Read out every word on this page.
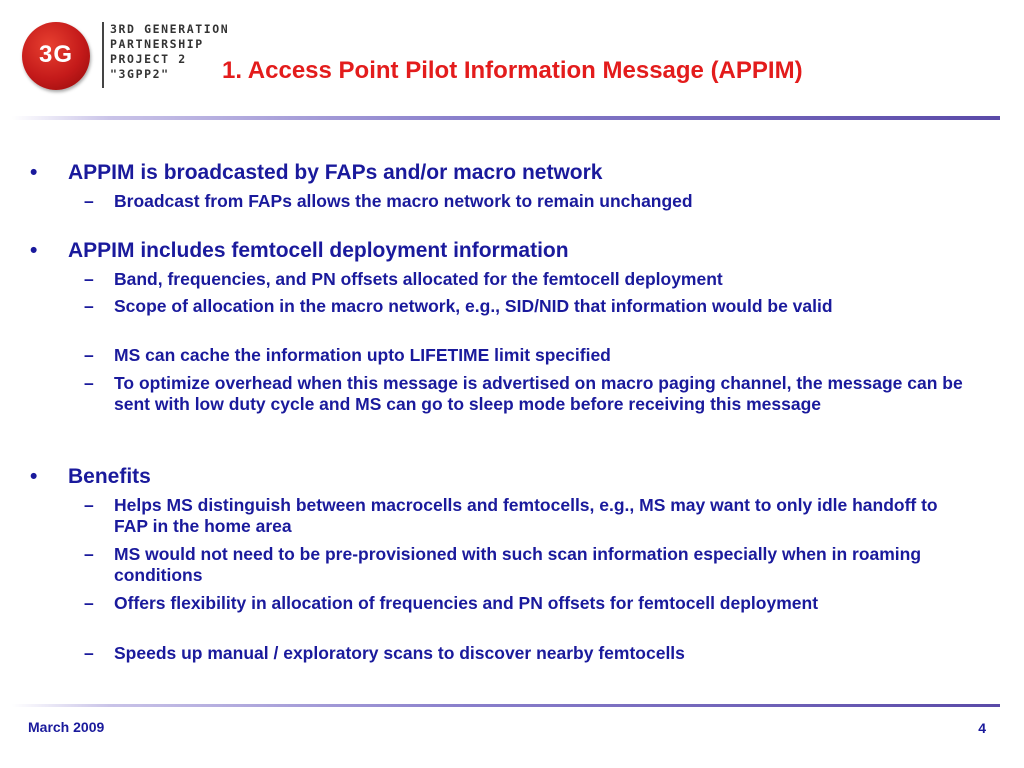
3G
3RD GENERATION
PARTNERSHIP
PROJECT 2
"3GPP2"	1. Access Point Pilot Information Message (APPIM)
• APPIM is broadcasted by FAPs and/or macro network
– Broadcast from FAPs allows the macro network to remain unchanged
• APPIM includes femtocell deployment information
– Band, frequencies, and PN offsets allocated for the femtocell deployment
– Scope of allocation in the macro network, e.g., SID/NID that information would be valid
– MS can cache the information upto LIFETIME limit specified
– To optimize overhead when this message is advertised on macro paging channel, the message can be sent with low duty cycle and MS can go to sleep mode before receiving this message
• Benefits
– Helps MS distinguish between macrocells and femtocells, e.g., MS may want to only idle handoff to FAP in the home area
– MS would not need to be pre-provisioned with such scan information especially when in roaming conditions
– Offers flexibility in allocation of frequencies and PN offsets for femtocell deployment
– Speeds up manual / exploratory scans to discover nearby femtocells
March 2009	4
